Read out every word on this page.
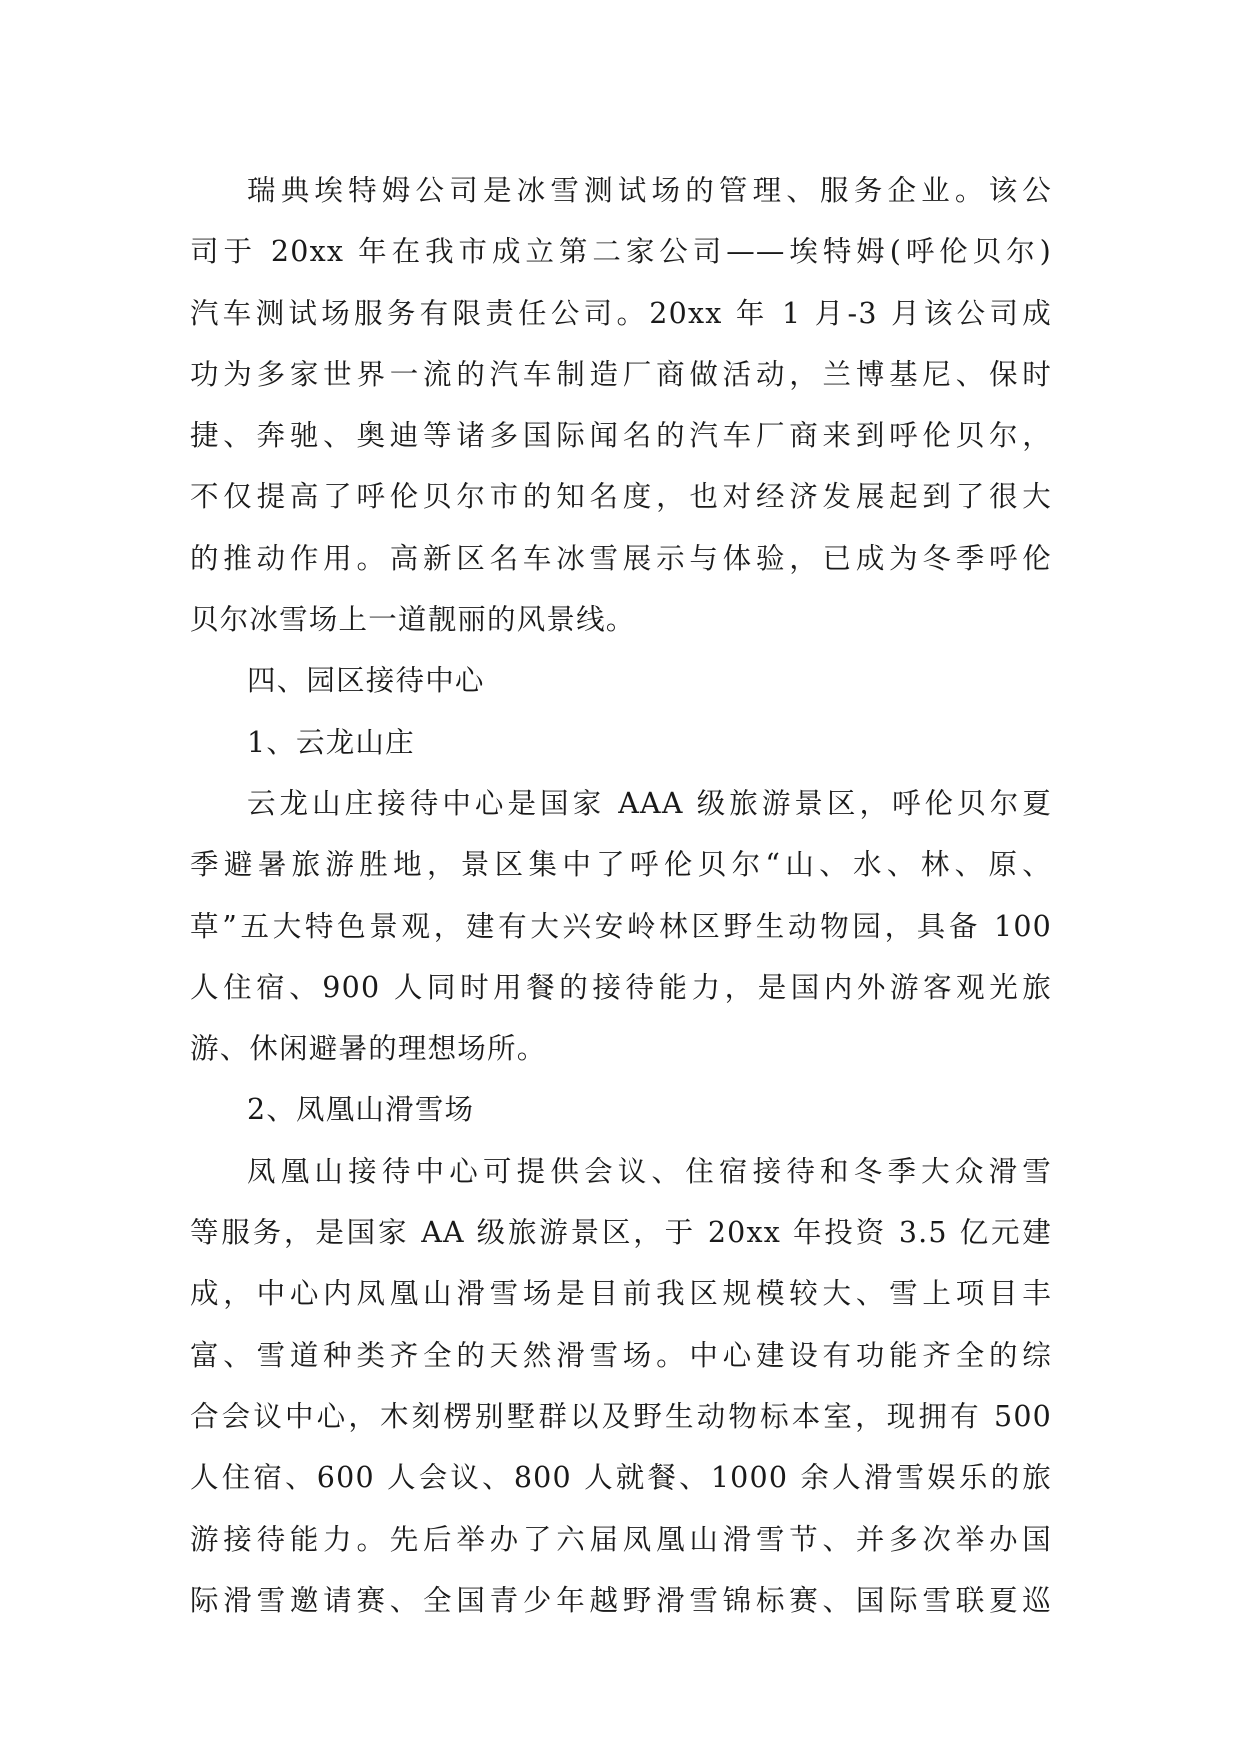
瑞典埃特姆公司是冰雪测试场的管理、服务企业。该公
司于 20xx 年在我市成立第二家公司——埃特姆(呼伦贝尔)
汽车测试场服务有限责任公司。20xx 年 1 月-3 月该公司成
功为多家世界一流的汽车制造厂商做活动，兰博基尼、保时
捷、奔驰、奥迪等诸多国际闻名的汽车厂商来到呼伦贝尔，
不仅提高了呼伦贝尔市的知名度，也对经济发展起到了很大
的推动作用。高新区名车冰雪展示与体验，已成为冬季呼伦
贝尔冰雪场上一道靓丽的风景线。
四、园区接待中心
1、云龙山庄
云龙山庄接待中心是国家 AAA 级旅游景区，呼伦贝尔夏
季避暑旅游胜地，景区集中了呼伦贝尔“山、水、林、原、
草”五大特色景观，建有大兴安岭林区野生动物园，具备 100
人住宿、900 人同时用餐的接待能力，是国内外游客观光旅
游、休闲避暑的理想场所。
2、凤凰山滑雪场
凤凰山接待中心可提供会议、住宿接待和冬季大众滑雪
等服务，是国家 AA 级旅游景区，于 20xx 年投资 3.5 亿元建
成，中心内凤凰山滑雪场是目前我区规模较大、雪上项目丰
富、雪道种类齐全的天然滑雪场。中心建设有功能齐全的综
合会议中心，木刻楞别墅群以及野生动物标本室，现拥有 500
人住宿、600 人会议、800 人就餐、1000 余人滑雪娱乐的旅
游接待能力。先后举办了六届凤凰山滑雪节、并多次举办国
际滑雪邀请赛、全国青少年越野滑雪锦标赛、国际雪联夏巡
